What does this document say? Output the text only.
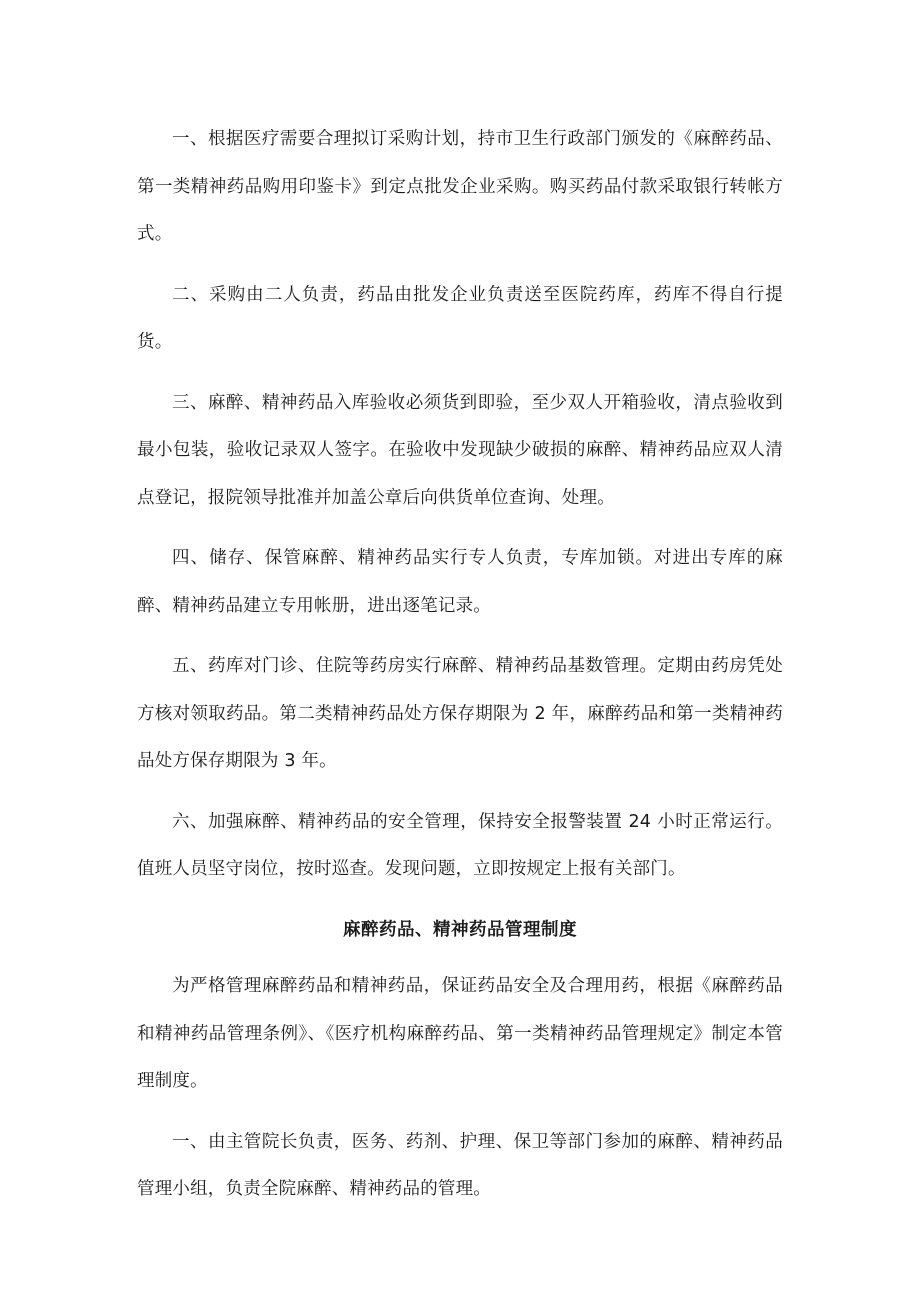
一、根据医疗需要合理拟订采购计划，持市卫生行政部门颁发的《麻醉药品、第一类精神药品购用印鉴卡》到定点批发企业采购。购买药品付款采取银行转帐方式。

二、采购由二人负责，药品由批发企业负责送至医院药库，药库不得自行提货。

三、麻醉、精神药品入库验收必须货到即验，至少双人开箱验收，清点验收到最小包装，验收记录双人签字。在验收中发现缺少破损的麻醉、精神药品应双人清点登记，报院领导批准并加盖公章后向供货单位查询、处理。

四、储存、保管麻醉、精神药品实行专人负责，专库加锁。对进出专库的麻醉、精神药品建立专用帐册，进出逐笔记录。

五、药库对门诊、住院等药房实行麻醉、精神药品基数管理。定期由药房凭处方核对领取药品。第二类精神药品处方保存期限为 2 年，麻醉药品和第一类精神药品处方保存期限为 3 年。

六、加强麻醉、精神药品的安全管理，保持安全报警装置 24 小时正常运行。值班人员坚守岗位，按时巡查。发现问题，立即按规定上报有关部门。

麻醉药品、精神药品管理制度

为严格管理麻醉药品和精神药品，保证药品安全及合理用药，根据《麻醉药品和精神药品管理条例》、《医疗机构麻醉药品、第一类精神药品管理规定》制定本管理制度。

一、由主管院长负责，医务、药剂、护理、保卫等部门参加的麻醉、精神药品管理小组，负责全院麻醉、精神药品的管理。
